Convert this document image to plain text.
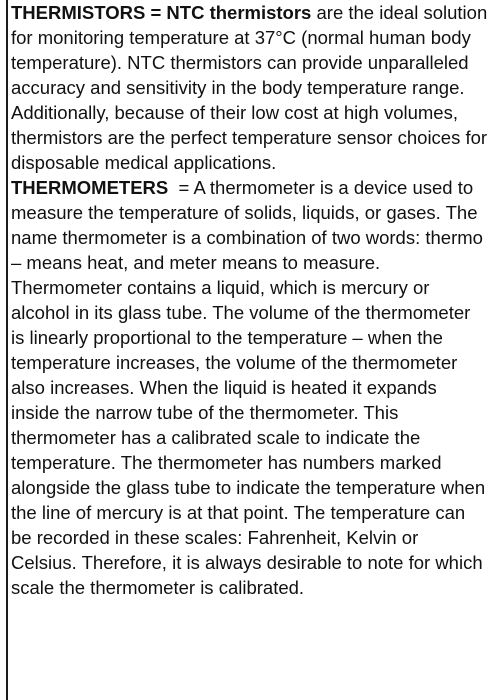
THERMISTORS = NTC thermistors are the ideal solution for monitoring temperature at 37°C (normal human body temperature). NTC thermistors can provide unparalleled accuracy and sensitivity in the body temperature range. Additionally, because of their low cost at high volumes, thermistors are the perfect temperature sensor choices for disposable medical applications.

THERMOMETERS  = A thermometer is a device used to measure the temperature of solids, liquids, or gases. The name thermometer is a combination of two words: thermo – means heat, and meter means to measure. Thermometer contains a liquid, which is mercury or alcohol in its glass tube. The volume of the thermometer is linearly proportional to the temperature – when the temperature increases, the volume of the thermometer also increases. When the liquid is heated it expands inside the narrow tube of the thermometer. This thermometer has a calibrated scale to indicate the temperature. The thermometer has numbers marked alongside the glass tube to indicate the temperature when the line of mercury is at that point. The temperature can be recorded in these scales: Fahrenheit, Kelvin or Celsius. Therefore, it is always desirable to note for which scale the thermometer is calibrated.
